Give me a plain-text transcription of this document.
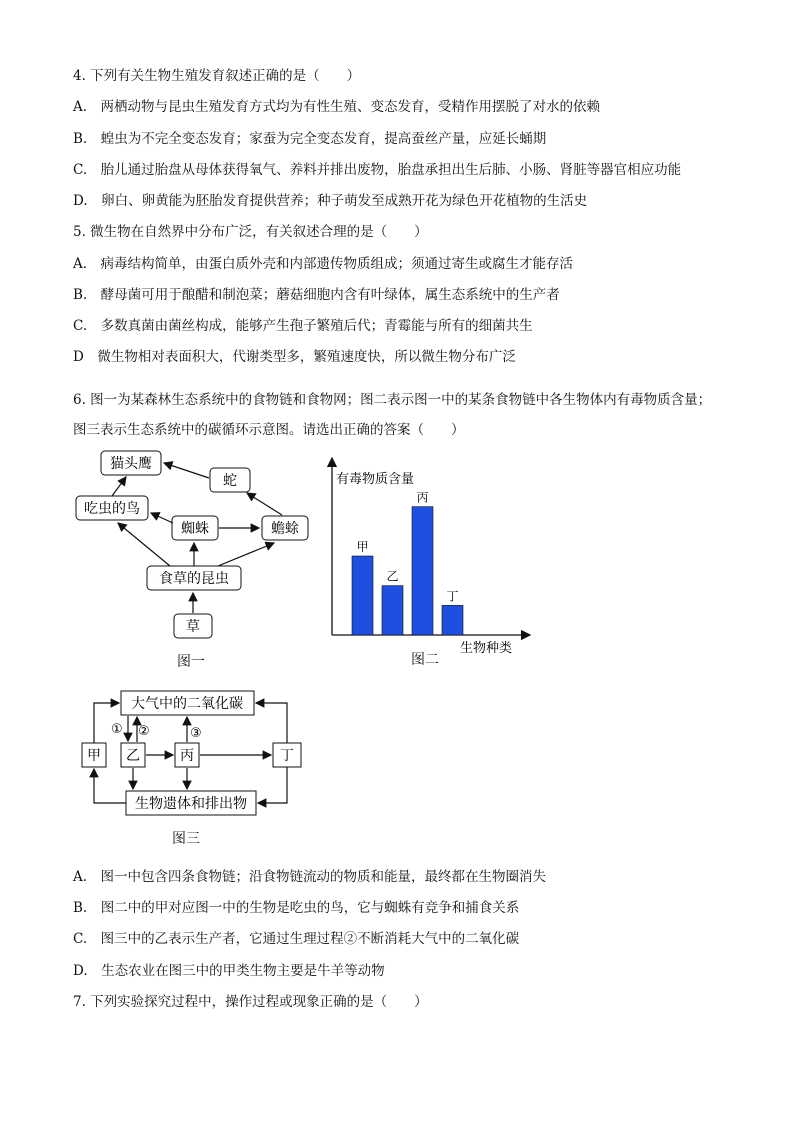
4. 下列有关生物生殖发育叙述正确的是（　　）
A.　两栖动物与昆虫生殖发育方式均为有性生殖、变态发育，受精作用摆脱了对水的依赖
B.　蝗虫为不完全变态发育；家蚕为完全变态发育，提高蚕丝产量，应延长蛹期
C.　胎儿通过胎盘从母体获得氧气、养料并排出废物，胎盘承担出生后肺、小肠、肾脏等器官相应功能
D.　卵白、卵黄能为胚胎发育提供营养；种子萌发至成熟开花为绿色开花植物的生活史
5. 微生物在自然界中分布广泛，有关叙述合理的是（　　）
A.　病毒结构简单，由蛋白质外壳和内部遗传物质组成；须通过寄生或腐生才能存活
B.　酵母菌可用于酿醋和制泡菜；蘑菇细胞内含有叶绿体，属生态系统中的生产者
C.　多数真菌由菌丝构成，能够产生孢子繁殖后代；青霉能与所有的细菌共生
D　微生物相对表面积大，代谢类型多，繁殖速度快，所以微生物分布广泛
6. 图一为某森林生态系统中的食物链和食物网；图二表示图一中的某条食物链中各生物体内有毒物质含量；
图三表示生态系统中的碳循环示意图。请选出正确的答案（　　）
猫头鹰
蛇
吃虫的鸟
蜘蛛	蟾蜍
食草的昆虫
草
图一
有毒物质含量
生物种类
甲
乙
丙
丁
图二
大气中的二氧化碳
甲 乙	丙	丁
生物遗体和排出物
① ②	③
图三
A.　图一中包含四条食物链；沿食物链流动的物质和能量，最终都在生物圈消失
B.　图二中的甲对应图一中的生物是吃虫的鸟，它与蜘蛛有竞争和捕食关系
C.　图三中的乙表示生产者，它通过生理过程②不断消耗大气中的二氧化碳
D.　生态农业在图三中的甲类生物主要是牛羊等动物
7. 下列实验探究过程中，操作过程或现象正确的是（　　）
